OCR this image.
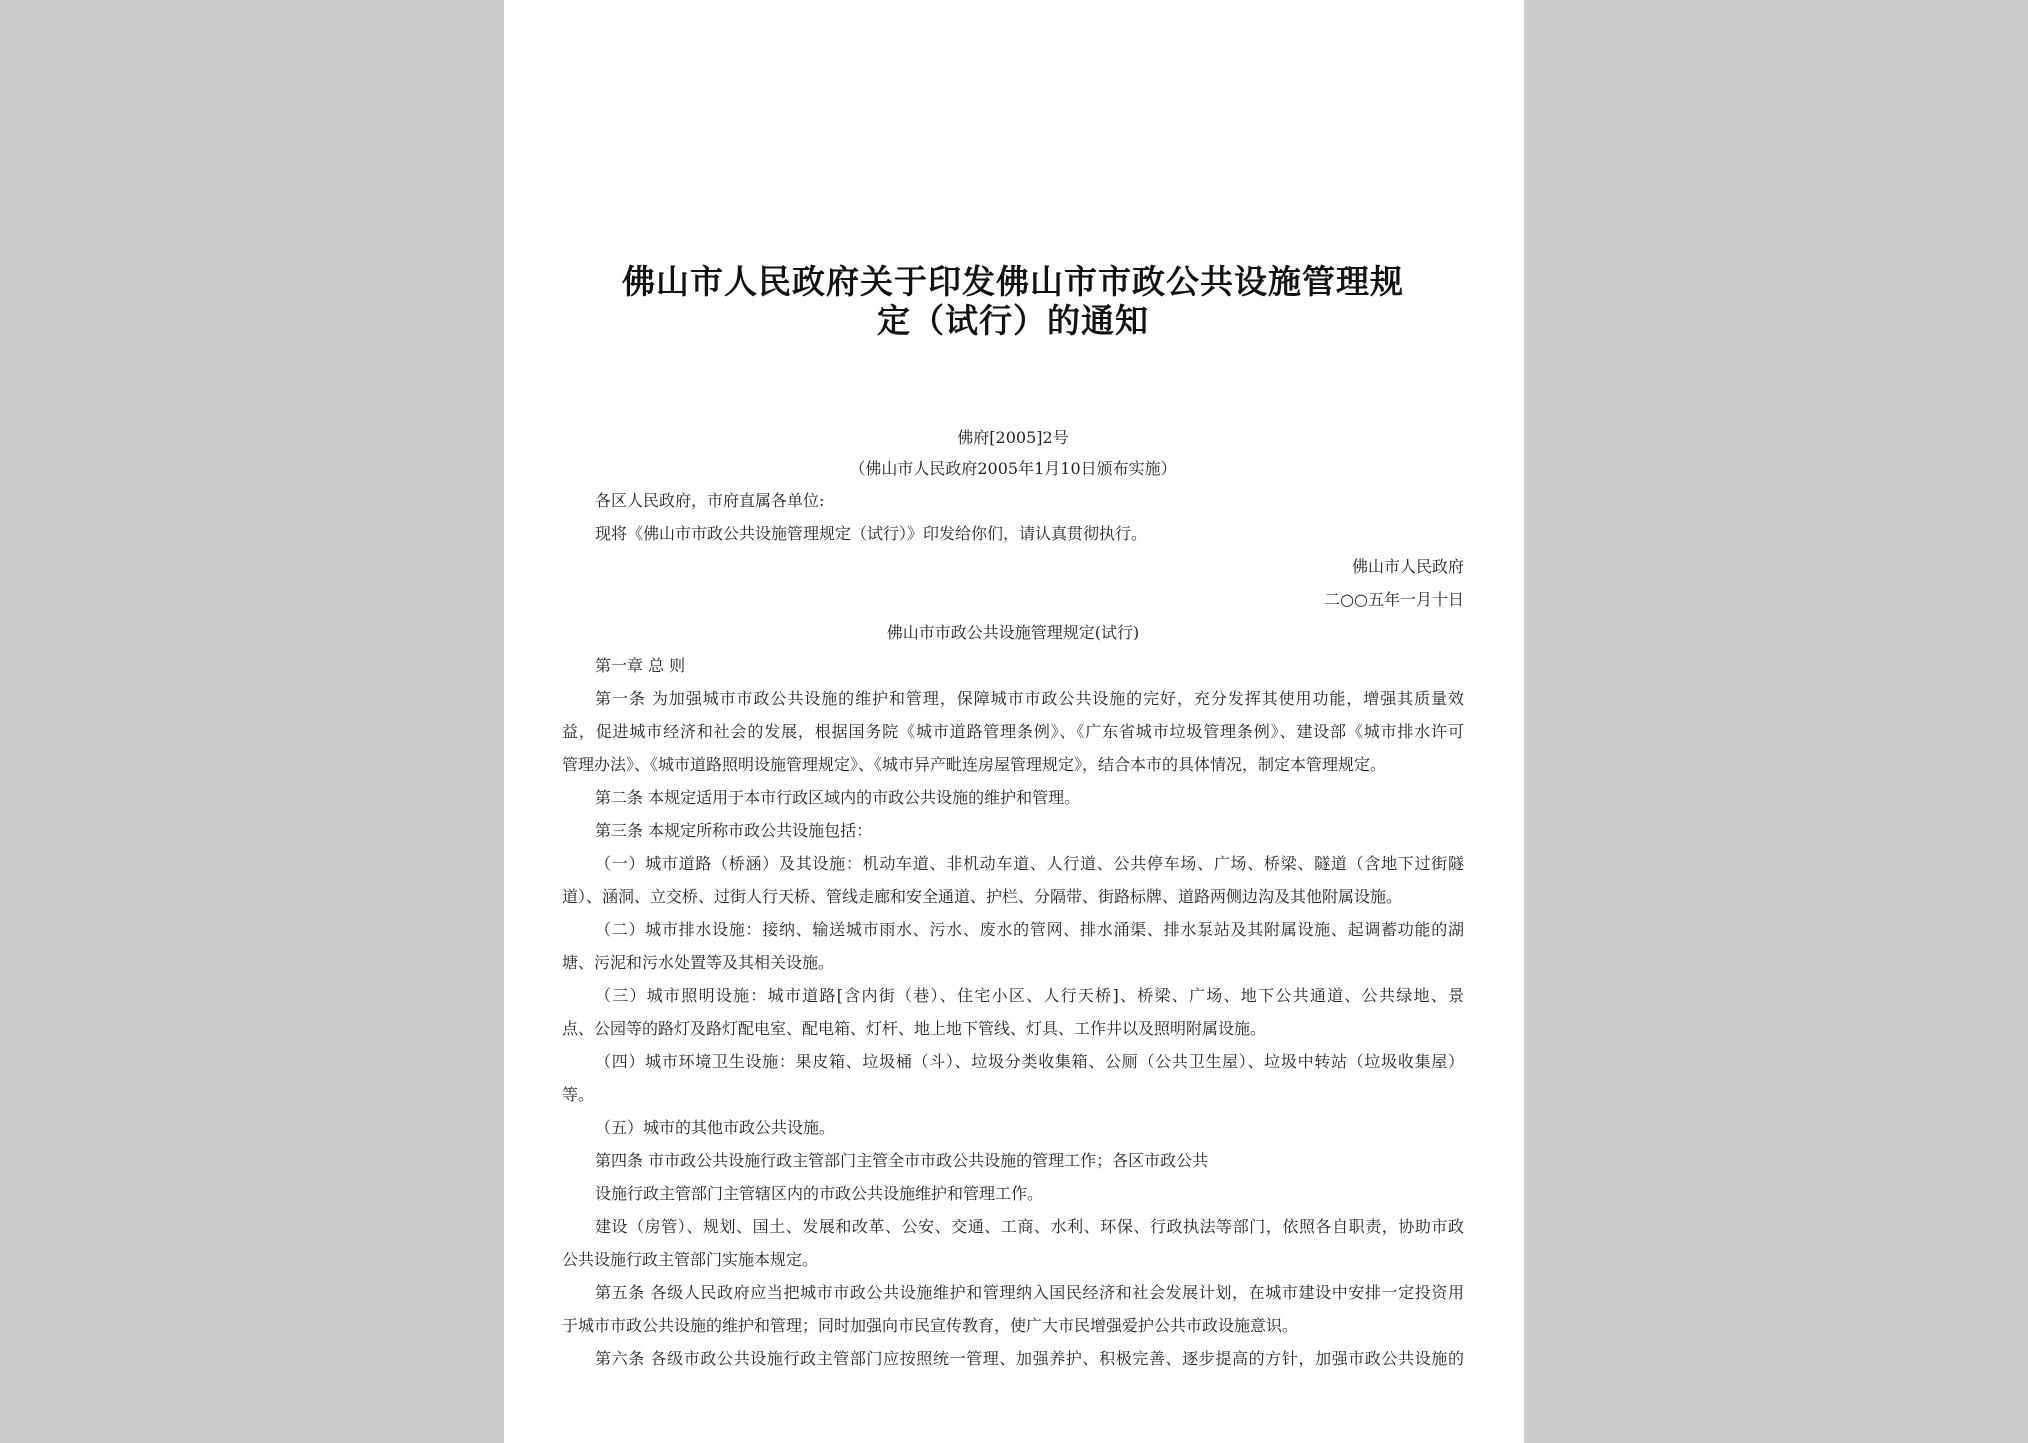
佛山市人民政府关于印发佛山市市政公共设施管理规
定（试行）的通知
佛府[2005]2号
（佛山市人民政府2005年1月10日颁布实施）
各区人民政府，市府直属各单位:
现将《佛山市市政公共设施管理规定（试行）》印发给你们，请认真贯彻执行。
佛山市人民政府
二○○五年一月十日
佛山市市政公共设施管理规定(试行)
第一章 总 则
第一条 为加强城市市政公共设施的维护和管理，保障城市市政公共设施的完好，充分发挥其使用功能，增强其质量效
益，促进城市经济和社会的发展，根据国务院《城市道路管理条例》、《广东省城市垃圾管理条例》、建设部《城市排水许可
管理办法》、《城市道路照明设施管理规定》、《城市异产毗连房屋管理规定》，结合本市的具体情况，制定本管理规定。
第二条 本规定适用于本市行政区域内的市政公共设施的维护和管理。
第三条 本规定所称市政公共设施包括：
（一）城市道路（桥涵）及其设施：机动车道、非机动车道、人行道、公共停车场、广场、桥梁、隧道（含地下过街隧
道）、涵洞、立交桥、过街人行天桥、管线走廊和安全通道、护栏、分隔带、街路标牌、道路两侧边沟及其他附属设施。
（二）城市排水设施：接纳、输送城市雨水、污水、废水的管网、排水涌渠、排水泵站及其附属设施、起调蓄功能的湖
塘、污泥和污水处置等及其相关设施。
（三）城市照明设施：城市道路[含内街（巷）、住宅小区、人行天桥]、桥梁、广场、地下公共通道、公共绿地、景
点、公园等的路灯及路灯配电室、配电箱、灯杆、地上地下管线、灯具、工作井以及照明附属设施。
（四）城市环境卫生设施：果皮箱、垃圾桶（斗）、垃圾分类收集箱、公厕（公共卫生屋）、垃圾中转站（垃圾收集屋）
等。
（五）城市的其他市政公共设施。
第四条 市市政公共设施行政主管部门主管全市市政公共设施的管理工作；各区市政公共
设施行政主管部门主管辖区内的市政公共设施维护和管理工作。
建设（房管）、规划、国土、发展和改革、公安、交通、工商、水利、环保、行政执法等部门，依照各自职责，协助市政
公共设施行政主管部门实施本规定。
第五条 各级人民政府应当把城市市政公共设施维护和管理纳入国民经济和社会发展计划，在城市建设中安排一定投资用
于城市市政公共设施的维护和管理；同时加强向市民宣传教育，使广大市民增强爱护公共市政设施意识。
第六条 各级市政公共设施行政主管部门应按照统一管理、加强养护、积极完善、逐步提高的方针，加强市政公共设施的
